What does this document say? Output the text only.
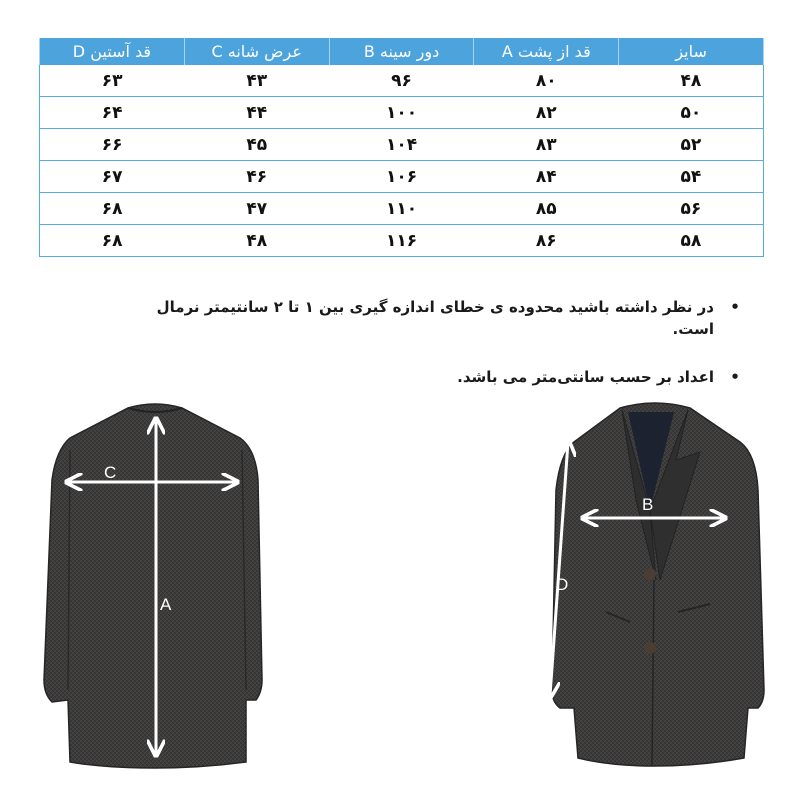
سایز	قد از پشت A	دور سینه B	عرض شانه C	قد آستین D
۴۸	۸۰	۹۶	۴۳	۶۳
۵۰	۸۲	۱۰۰	۴۴	۶۴
۵۲	۸۳	۱۰۴	۴۵	۶۶
۵۴	۸۴	۱۰۶	۴۶	۶۷
۵۶	۸۵	۱۱۰	۴۷	۶۸
۵۸	۸۶	۱۱۶	۴۸	۶۸
•
در نظر داشته باشید محدوده ی خطای اندازه گیری بین ۱ تا ۲ سانتیمتر نرمال است.
•
اعداد بر حسب سانتی‌متر می باشد.
C
A
B
D
